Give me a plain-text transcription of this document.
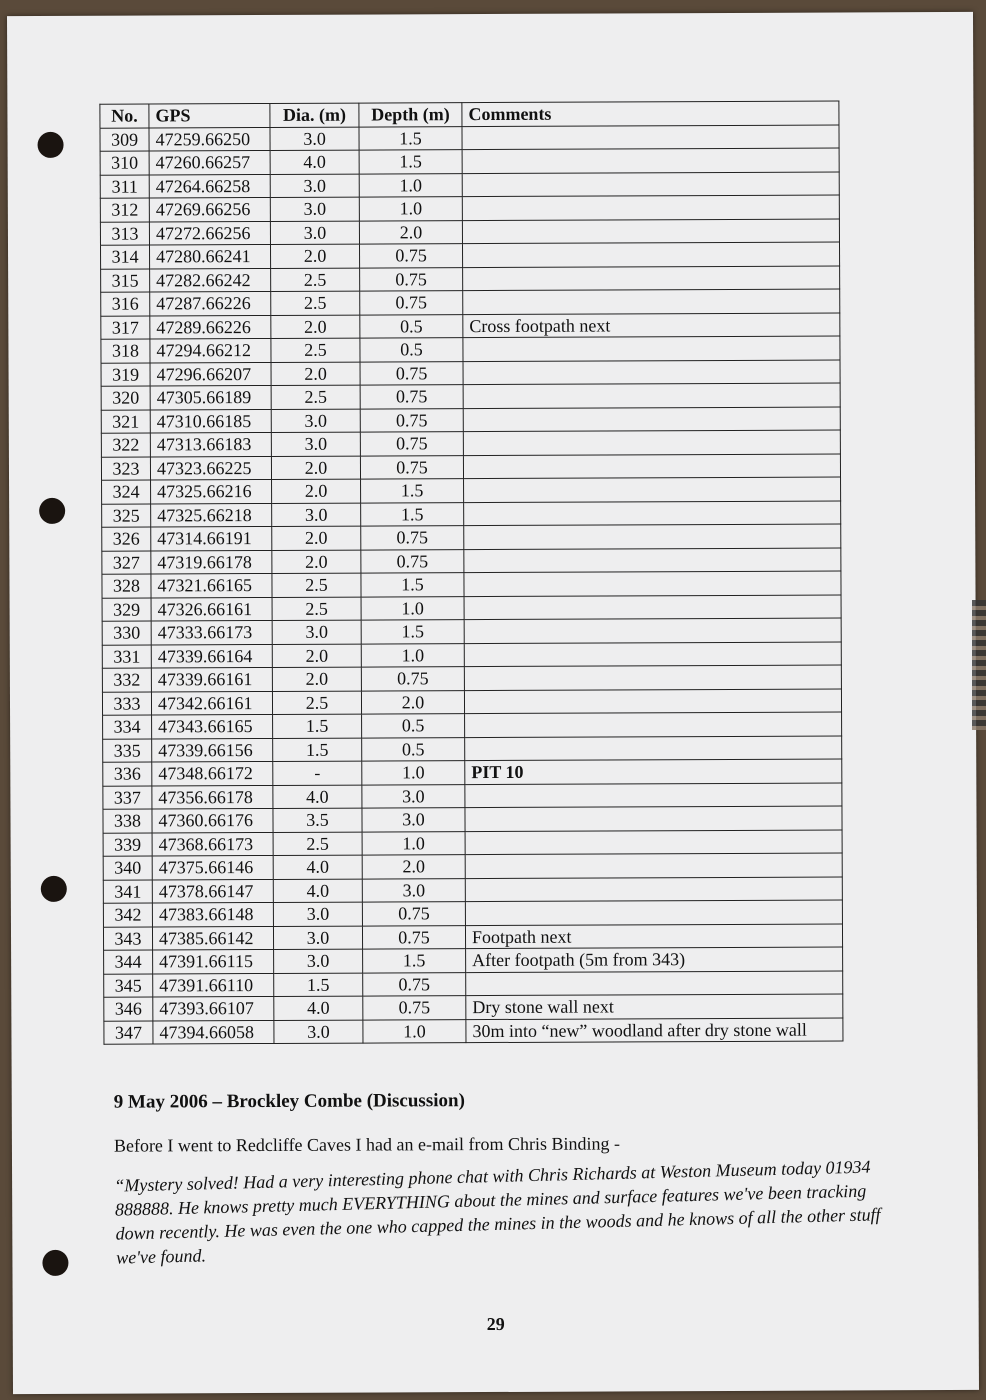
No.	GPS	Dia. (m)	Depth (m)	Comments
309	47259.66250	3.0	1.5	
310	47260.66257	4.0	1.5	
311	47264.66258	3.0	1.0	
312	47269.66256	3.0	1.0	
313	47272.66256	3.0	2.0	
314	47280.66241	2.0	0.75	
315	47282.66242	2.5	0.75	
316	47287.66226	2.5	0.75	
317	47289.66226	2.0	0.5	Cross footpath next
318	47294.66212	2.5	0.5	
319	47296.66207	2.0	0.75	
320	47305.66189	2.5	0.75	
321	47310.66185	3.0	0.75	
322	47313.66183	3.0	0.75	
323	47323.66225	2.0	0.75	
324	47325.66216	2.0	1.5	
325	47325.66218	3.0	1.5	
326	47314.66191	2.0	0.75	
327	47319.66178	2.0	0.75	
328	47321.66165	2.5	1.5	
329	47326.66161	2.5	1.0	
330	47333.66173	3.0	1.5	
331	47339.66164	2.0	1.0	
332	47339.66161	2.0	0.75	
333	47342.66161	2.5	2.0	
334	47343.66165	1.5	0.5	
335	47339.66156	1.5	0.5	
336	47348.66172	-	1.0	PIT 10
337	47356.66178	4.0	3.0	
338	47360.66176	3.5	3.0	
339	47368.66173	2.5	1.0	
340	47375.66146	4.0	2.0	
341	47378.66147	4.0	3.0	
342	47383.66148	3.0	0.75	
343	47385.66142	3.0	0.75	Footpath next
344	47391.66115	3.0	1.5	After footpath (5m from 343)
345	47391.66110	1.5	0.75	
346	47393.66107	4.0	0.75	Dry stone wall next
347	47394.66058	3.0	1.0	30m into “new” woodland after dry stone wall
9 May 2006 – Brockley Combe (Discussion)
Before I went to Redcliffe Caves I had an e-mail from Chris Binding -
“Mystery solved! Had a very interesting phone chat with Chris Richards at Weston Museum today 01934 888888. He knows pretty much EVERYTHING about the mines and surface features we've been tracking down recently. He was even the one who capped the mines in the woods and he knows of all the other stuff we've found.
29
